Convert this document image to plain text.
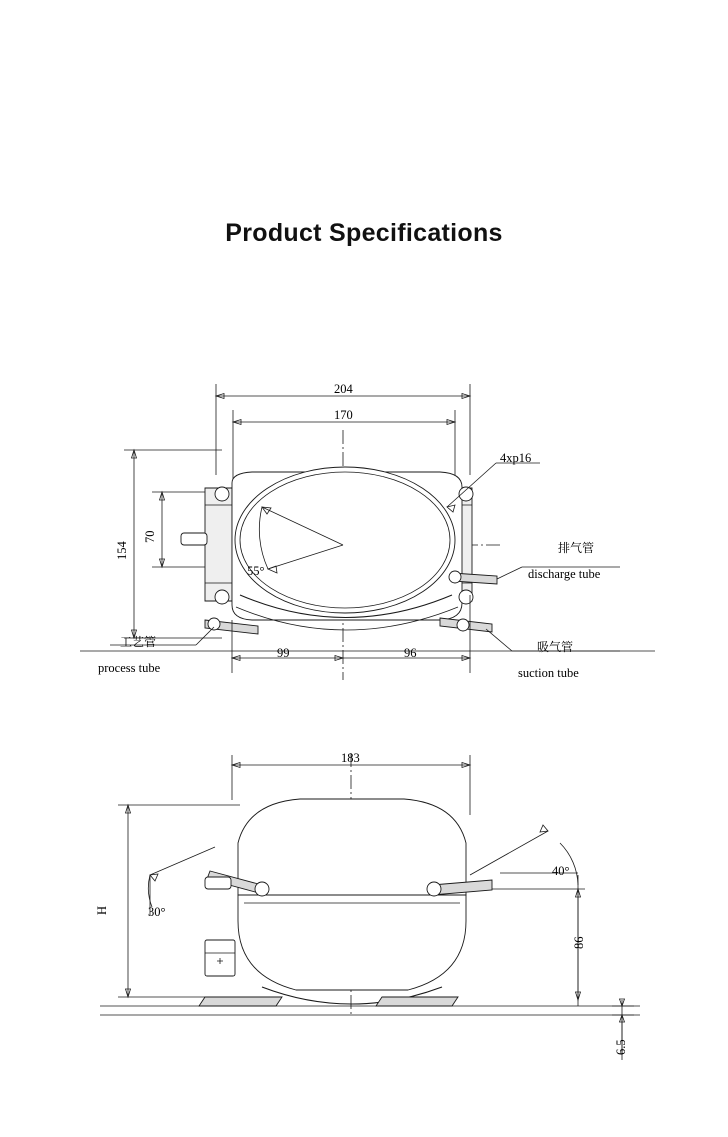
Product Specifications
204
170
154
70
4xp16
55°
99	96
排气管
discharge tube
吸气管
suction tube
工艺管
process tube
183
H	30°
40°
86
6.5
